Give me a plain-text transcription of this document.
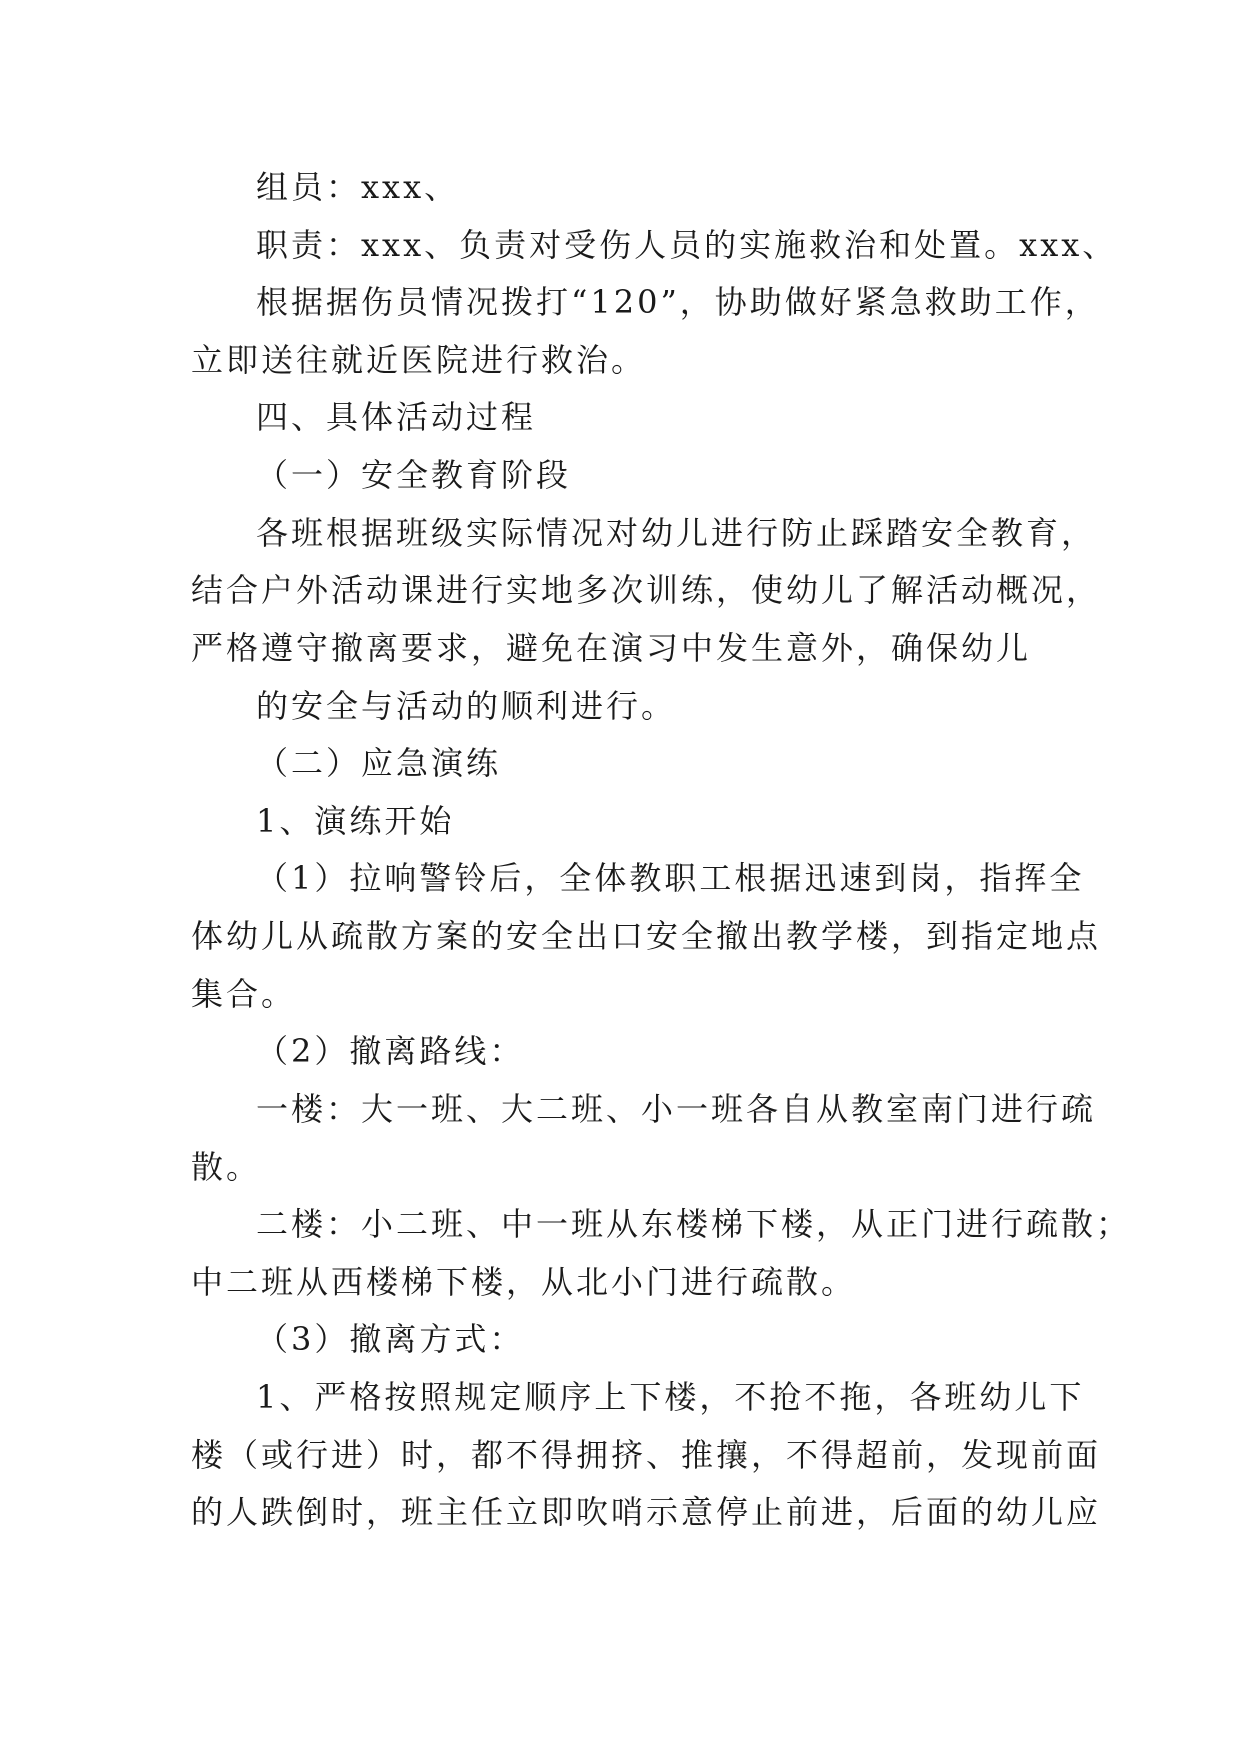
组员：xxx、

职责：xxx、负责对受伤人员的实施救治和处置。xxx、

根据据伤员情况拨打“120”，协助做好紧急救助工作，

立即送往就近医院进行救治。

四、具体活动过程

（一）安全教育阶段

各班根据班级实际情况对幼儿进行防止踩踏安全教育，

结合户外活动课进行实地多次训练，使幼儿了解活动概况，

严格遵守撤离要求，避免在演习中发生意外，确保幼儿

的安全与活动的顺利进行。

（二）应急演练

1、演练开始

（1）拉响警铃后，全体教职工根据迅速到岗，指挥全

体幼儿从疏散方案的安全出口安全撤出教学楼，到指定地点

集合。

（2）撤离路线：

一楼：大一班、大二班、小一班各自从教室南门进行疏

散。

二楼：小二班、中一班从东楼梯下楼，从正门进行疏散；

中二班从西楼梯下楼，从北小门进行疏散。

（3）撤离方式：

1、严格按照规定顺序上下楼，不抢不拖，各班幼儿下

楼（或行进）时，都不得拥挤、推攘，不得超前，发现前面

的人跌倒时，班主任立即吹哨示意停止前进，后面的幼儿应
